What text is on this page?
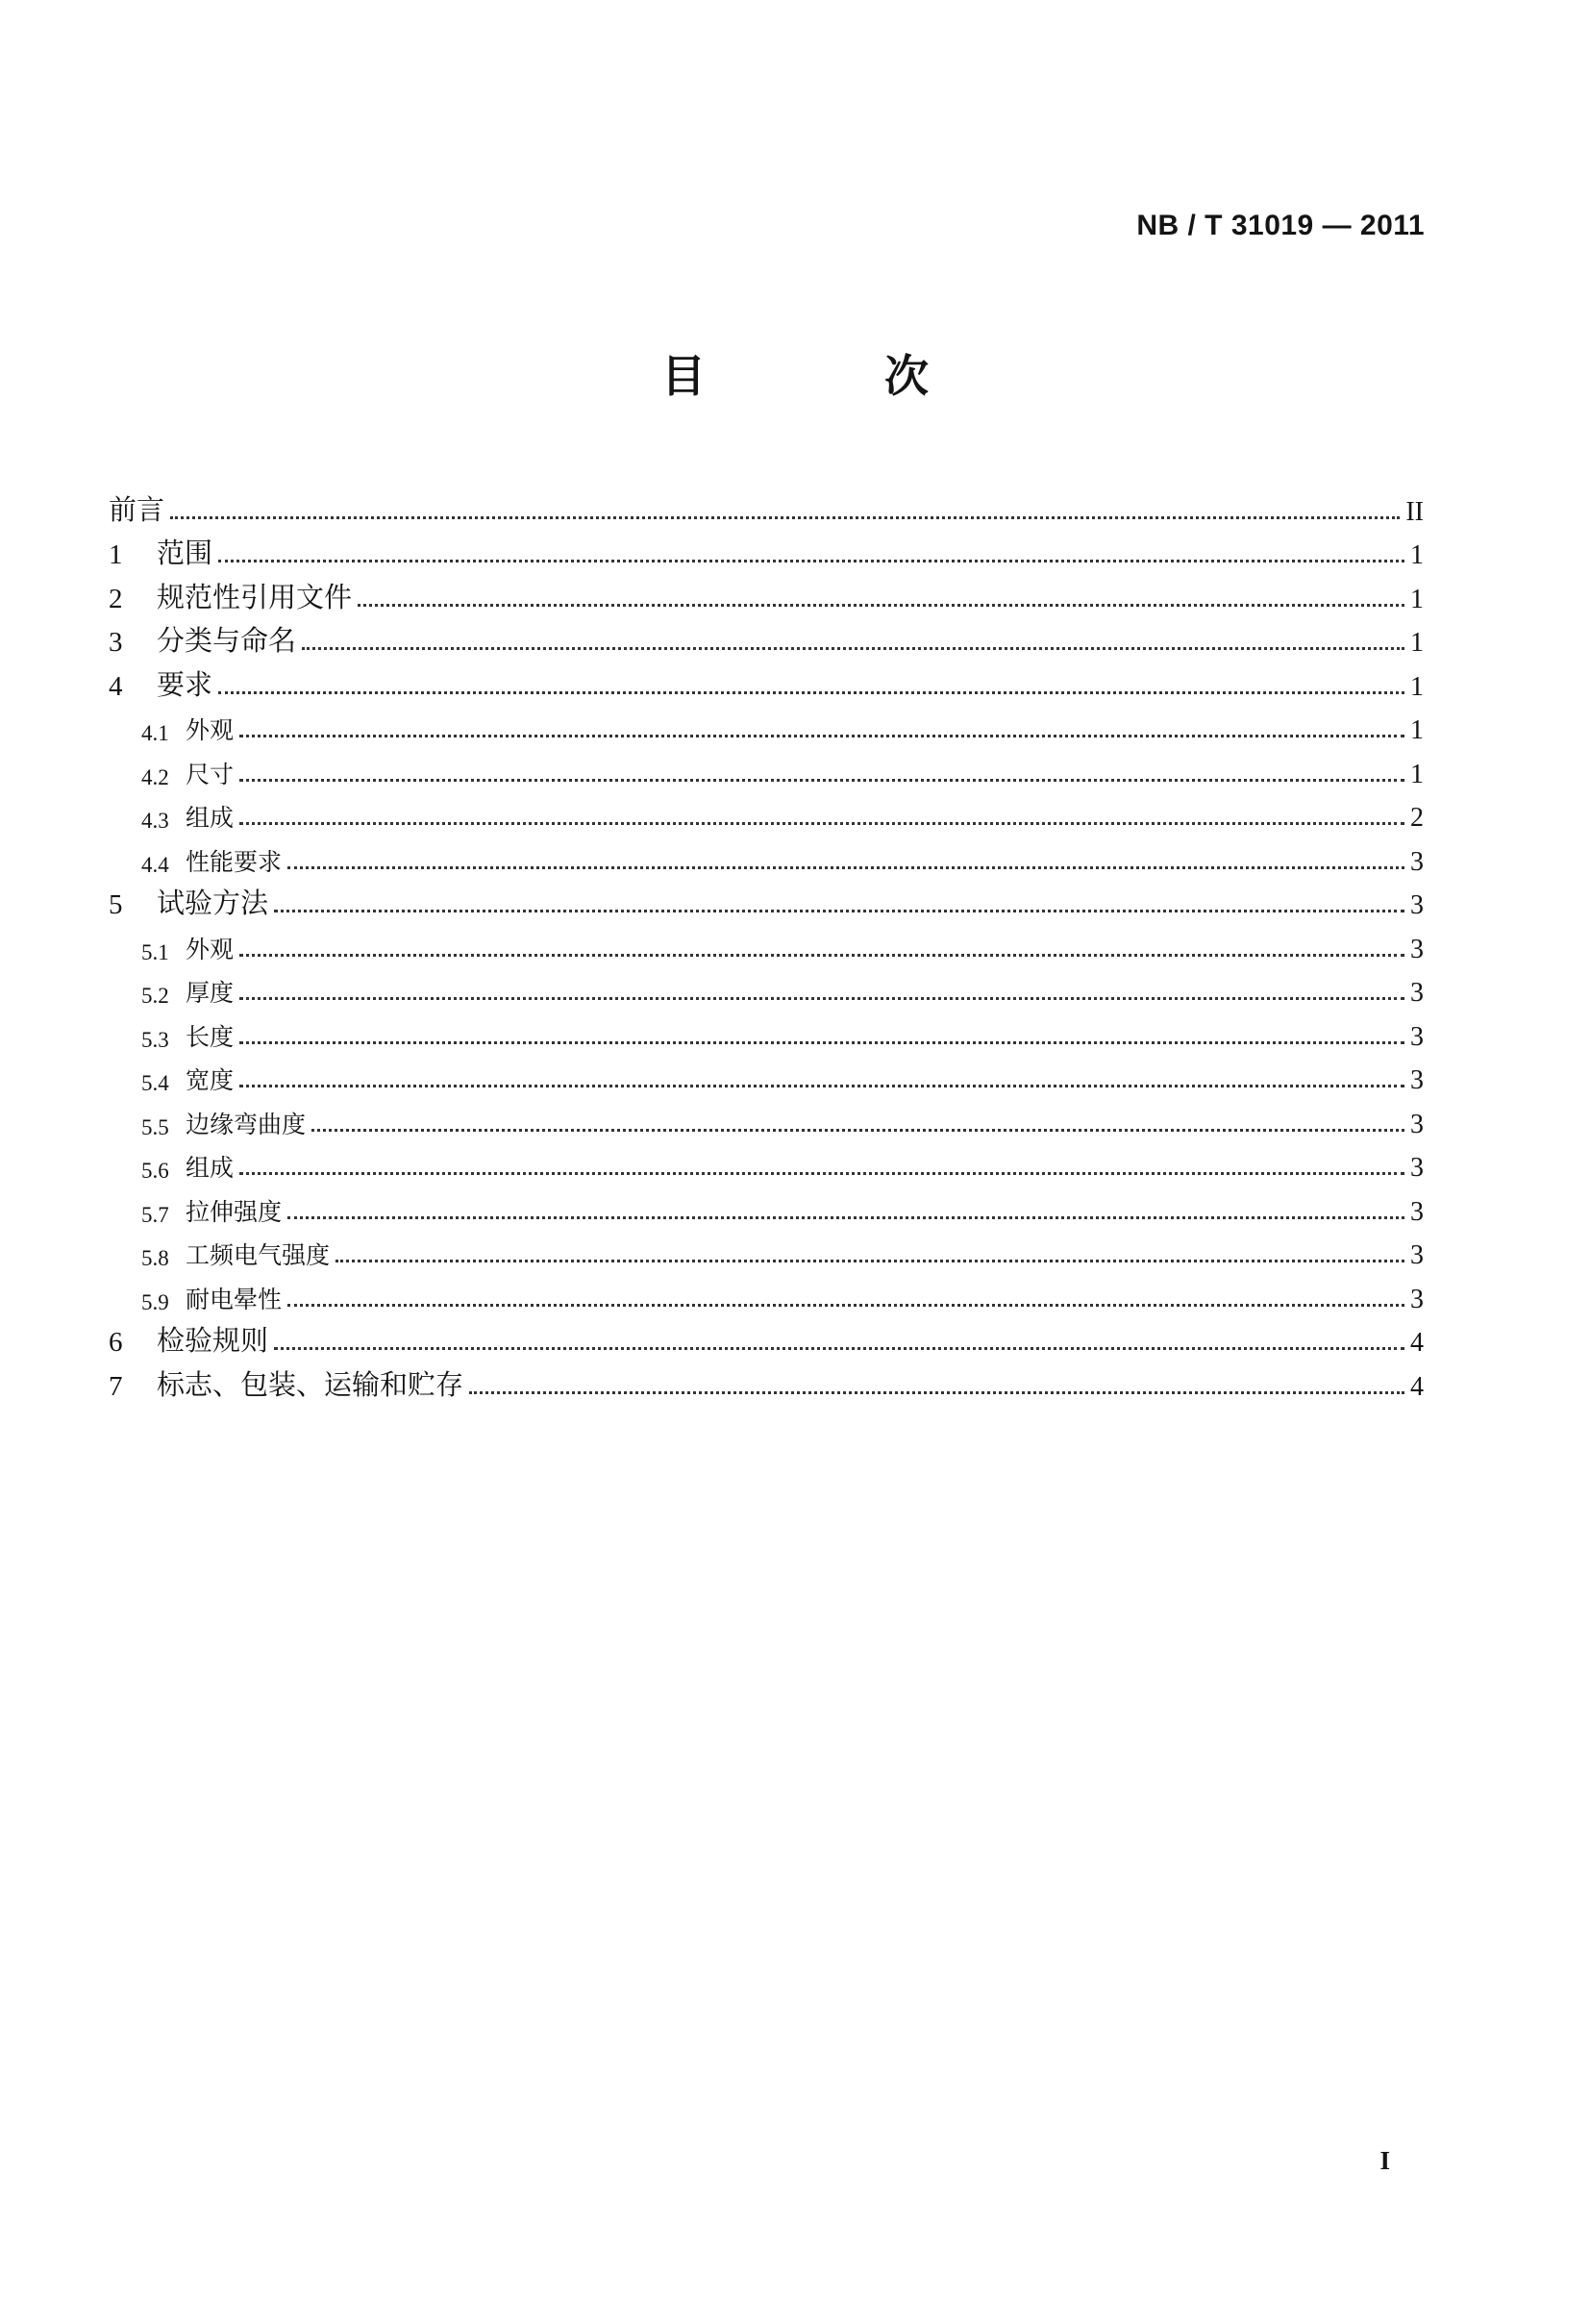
NB / T 31019 — 2011
目　次
前言	II
1	范围	1
2	规范性引用文件	1
3	分类与命名	1
4	要求	1
4.1 外观	1
4.2 尺寸	1
4.3 组成	2
4.4 性能要求	3
5	试验方法	3
5.1 外观	3
5.2 厚度	3
5.3 长度	3
5.4 宽度	3
5.5 边缘弯曲度	3
5.6 组成	3
5.7 拉伸强度	3
5.8 工频电气强度	3
5.9 耐电晕性	3
6	检验规则	4
7	标志、包装、运输和贮存	4
I
